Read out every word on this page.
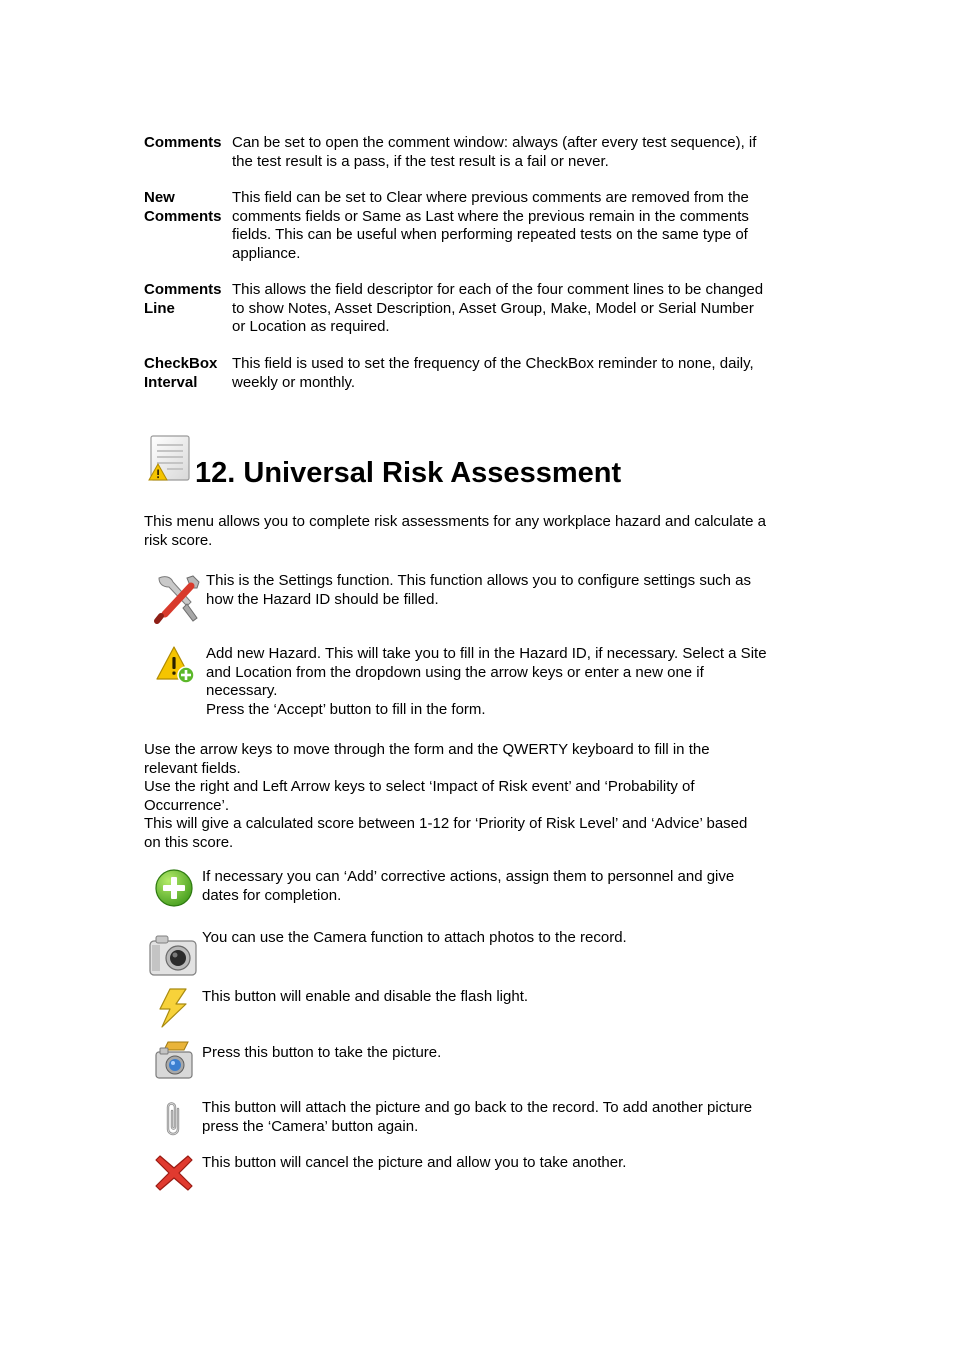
Comments Can be set to open the comment window: always (after every test sequence), if
the test result is a pass, if the test result is a fail or never.
New
Comments
This field can be set to Clear where previous comments are removed from the
comments fields or Same as Last where the previous remain in the comments
fields. This can be useful when performing repeated tests on the same type of
appliance.
Comments
Line
This allows the field descriptor for each of the four comment lines to be changed
to show Notes, Asset Description, Asset Group, Make, Model or Serial Number
or Location as required.
CheckBox
Interval
This field is used to set the frequency of the CheckBox reminder to none, daily,
weekly or monthly.
12. Universal Risk Assessment
This menu allows you to complete risk assessments for any workplace hazard and calculate a
risk score.
This is the Settings function. This function allows you to configure settings such as
how the Hazard ID should be filled.
Add new Hazard. This will take you to fill in the Hazard ID, if necessary. Select a Site
and Location from the dropdown using the arrow keys or enter a new one if
necessary.
Press the ‘Accept’ button to fill in the form.
Use the arrow keys to move through the form and the QWERTY keyboard to fill in the
relevant fields.
Use the right and Left Arrow keys to select ‘Impact of Risk event’ and ‘Probability of
Occurrence’.
This will give a calculated score between 1-12 for ‘Priority of Risk Level’ and ‘Advice’ based
on this score.
If necessary you can ‘Add’ corrective actions, assign them to personnel and give
dates for completion.
You can use the Camera function to attach photos to the record.
This button will enable and disable the flash light.
Press this button to take the picture.
This button will attach the picture and go back to the record. To add another picture
press the ‘Camera’ button again.
This button will cancel the picture and allow you to take another.
